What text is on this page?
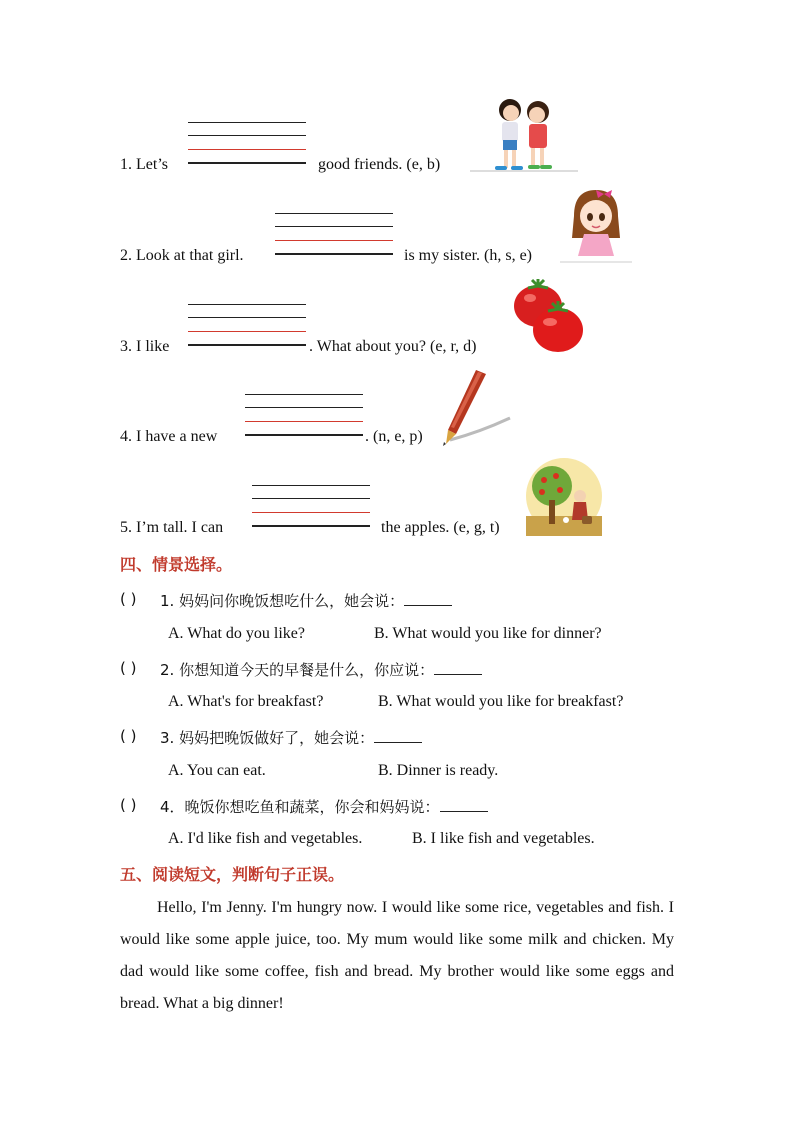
1. Let’s	good friends. (e, b)
2. Look at that girl.	is my sister. (h, s, e)
3. I like	. What about you? (e, r, d)
4. I have a new	. (n, e, p)
5. I’m tall. I can	the apples. (e, g, t)
四、情景选择。
( ) 1. 妈妈问你晚饭想吃什么，她会说：
A. What do you like?	B. What would you like for dinner?
( ) 2. 你想知道今天的早餐是什么，你应说：
A. What's for breakfast?	B. What would you like for breakfast?
( ) 3. 妈妈把晚饭做好了，她会说：
A. You can eat.	B. Dinner is ready.
( ) 4．晚饭你想吃鱼和蔬菜，你会和妈妈说：
A. I'd like fish and vegetables.	B. I like fish and vegetables.
五、阅读短文，判断句子正误。

Hello, I'm Jenny. I'm hungry now. I would like some rice, vegetables and fish. I would like some apple juice, too. My mum would like some milk and chicken. My dad would like some coffee, fish and bread. My brother would like some eggs and bread. What a big dinner!
